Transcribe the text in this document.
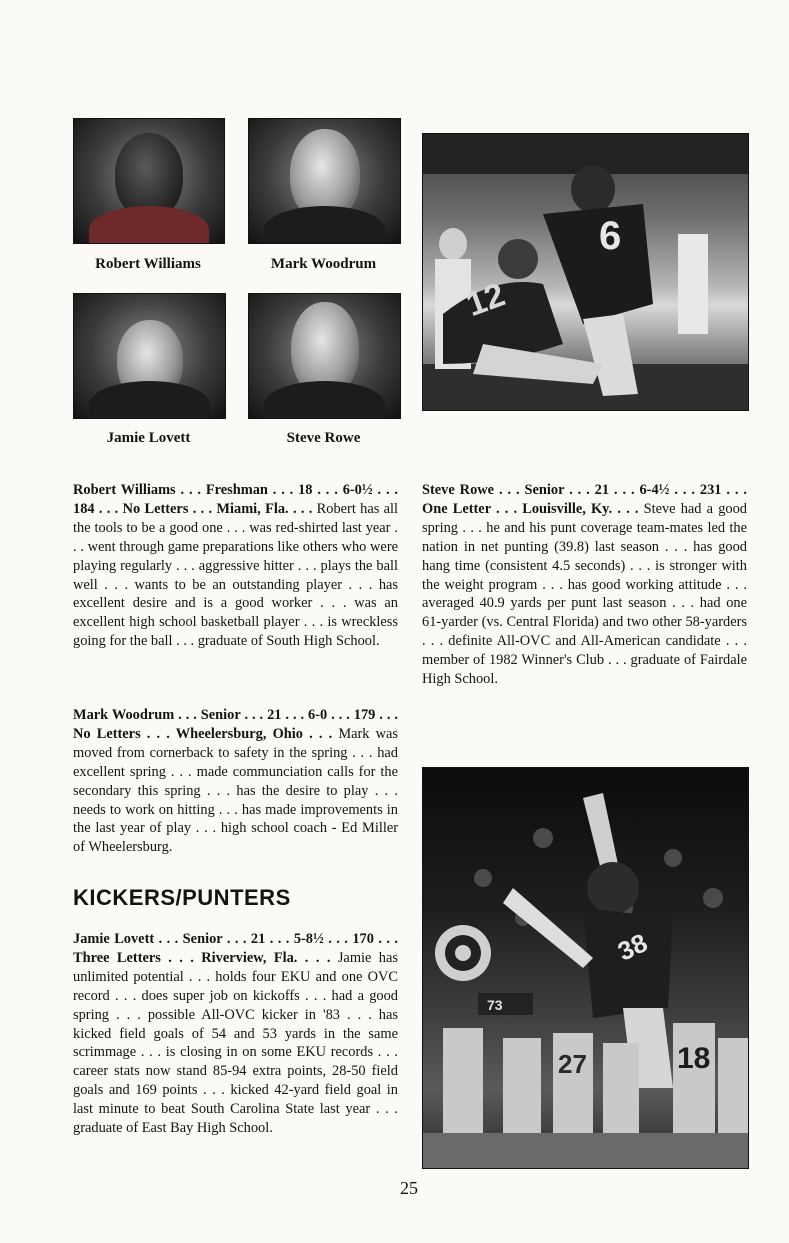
Robert Williams	Mark Woodrum
Jamie Lovett	Steve Rowe
6
12
38
18
27
73

Robert Williams . . . Freshman . . . 18 . . . 6-0½ . . . 184 . . . No Letters . . . Miami, Fla. . . . Robert has all the tools to be a good one . . . was red-shirted last year . . . went through game preparations like others who were playing regularly . . . aggressive hitter . . . plays the ball well . . . wants to be an outstanding player . . . has excellent desire and is a good worker . . . was an excellent high school basketball player . . . is wreckless going for the ball . . . graduate of South High School.

Mark Woodrum . . . Senior . . . 21 . . . 6-0 . . . 179 . . . No Letters . . . Wheelersburg, Ohio . . . Mark was moved from cornerback to safety in the spring . . . had excellent spring . . . made communciation calls for the secondary this spring . . . has the desire to play . . . needs to work on hitting . . . has made improvements in the last year of play . . . high school coach - Ed Miller of Wheelersburg.

KICKERS/PUNTERS

Jamie Lovett . . . Senior . . . 21 . . . 5-8½ . . . 170 . . . Three Letters . . . Riverview, Fla. . . . Jamie has unlimited potential . . . holds four EKU and one OVC record . . . does super job on kickoffs . . . had a good spring . . . possible All-OVC kicker in '83 . . . has kicked field goals of 54 and 53 yards in the same scrimmage . . . is closing in on some EKU records . . . career stats now stand 85-94 extra points, 28-50 field goals and 169 points . . . kicked 42-yard field goal in last minute to beat South Carolina State last year . . . graduate of East Bay High School.

Steve Rowe . . . Senior . . . 21 . . . 6-4½ . . . 231 . . . One Letter . . . Louisville, Ky. . . . Steve had a good spring . . . he and his punt coverage team-mates led the nation in net punting (39.8) last season . . . has good hang time (consistent 4.5 seconds) . . . is stronger with the weight program . . . has good working attitude . . . averaged 40.9 yards per punt last season . . . had one 61-yarder (vs. Central Florida) and two other 58-yarders . . . definite All-OVC and All-American candidate . . . member of 1982 Winner's Club . . . graduate of Fairdale High School.

25
